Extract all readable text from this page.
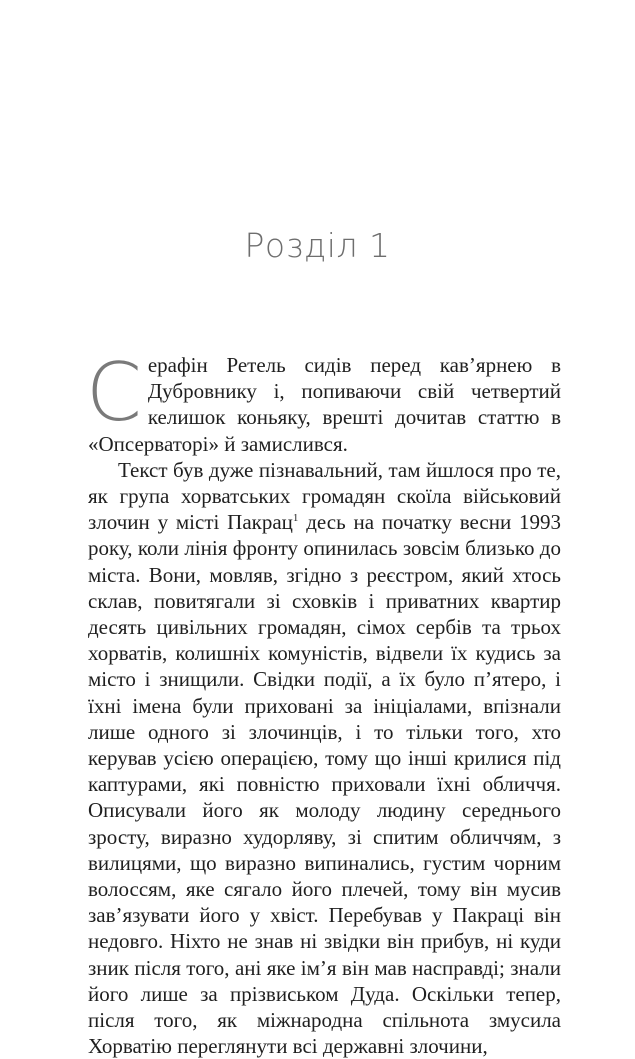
Розділ 1

Серафін Ретель сидів перед кав’ярнею в Дубровнику і, попиваючи свій четвертий келишок коньяку, врешті дочитав статтю в «Опсерваторі» й замислився.

Текст був дуже пізнавальний, там йшлося про те, як група хорватських громадян скоїла військовий злочин у місті Пакрац$^1$ десь на початку весни 1993 року, коли лінія фронту опинилась зовсім близько до міста. Вони, мовляв, згідно з реєстром, який хтось склав, повитягали зі сховків і приватних квартир десять цивільних громадян, сімох сербів та трьох хорватів, колишніх комуністів, відвели їх кудись за місто і знищили. Свідки події, а їх було п’ятеро, і їхні імена були приховані за ініціалами, впізнали лише одного зі злочинців, і то тільки того, хто керував усією операцією, тому що інші крилися під каптурами, які повністю приховали їхні обличчя. Описували його як молоду людину середнього зросту, виразно худорляву, зі спитим обличчям, з вилицями, що виразно випинались, густим чорним волоссям, яке сягало його плечей, тому він мусив зав’язувати його у хвіст. Перебував у Пакраці він недовго. Ніхто не знав ні звідки він прибув, ні куди зник після того, ані яке ім’я він мав насправді; знали його лише за прізвиськом Дуда. Оскільки тепер, після того, як міжнародна спільнота змусила Хорватію переглянути всі державні злочини,
